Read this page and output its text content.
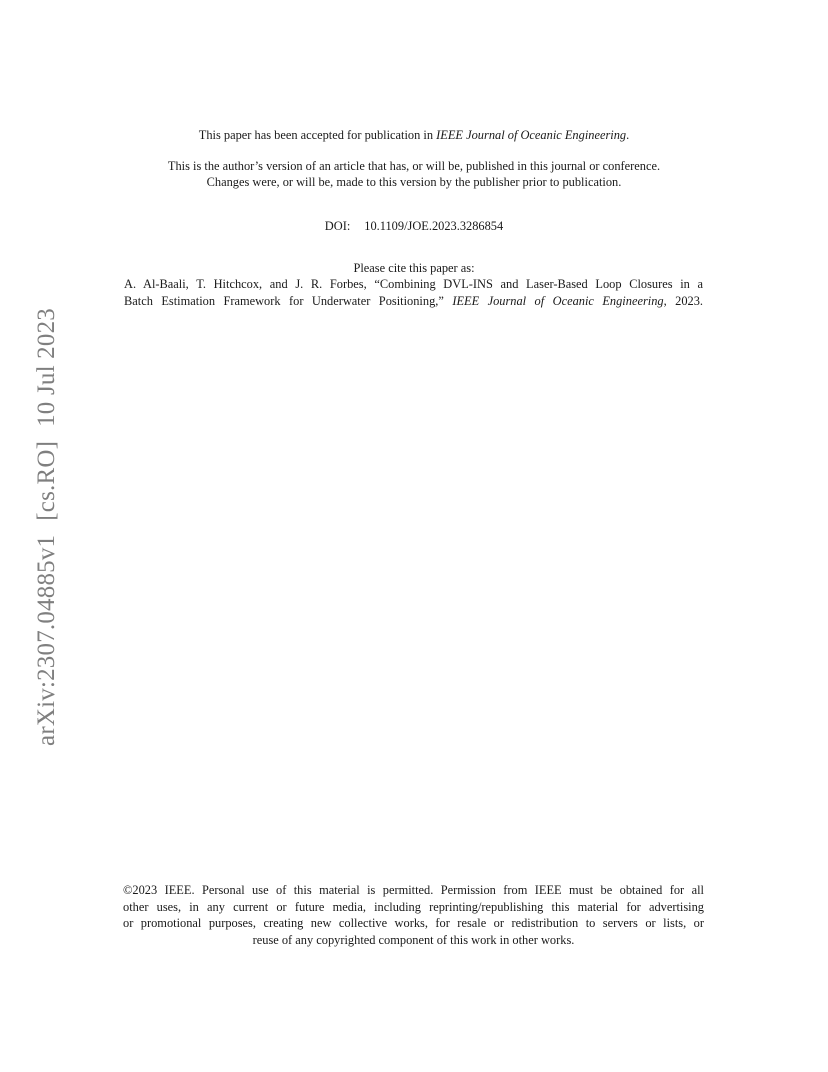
This paper has been accepted for publication in IEEE Journal of Oceanic Engineering.
This is the author’s version of an article that has, or will be, published in this journal or conference.
Changes were, or will be, made to this version by the publisher prior to publication.
DOI: 10.1109/JOE.2023.3286854
Please cite this paper as:
A. Al-Baali, T. Hitchcox, and J. R. Forbes, “Combining DVL-INS and Laser-Based Loop Closures in a
Batch Estimation Framework for Underwater Positioning,” IEEE Journal of Oceanic Engineering, 2023.
©2023 IEEE. Personal use of this material is permitted. Permission from IEEE must be obtained for all
other uses, in any current or future media, including reprinting/republishing this material for advertising
or promotional purposes, creating new collective works, for resale or redistribution to servers or lists, or
reuse of any copyrighted component of this work in other works.
arXiv:2307.04885v1[cs.RO]10 Jul 2023
